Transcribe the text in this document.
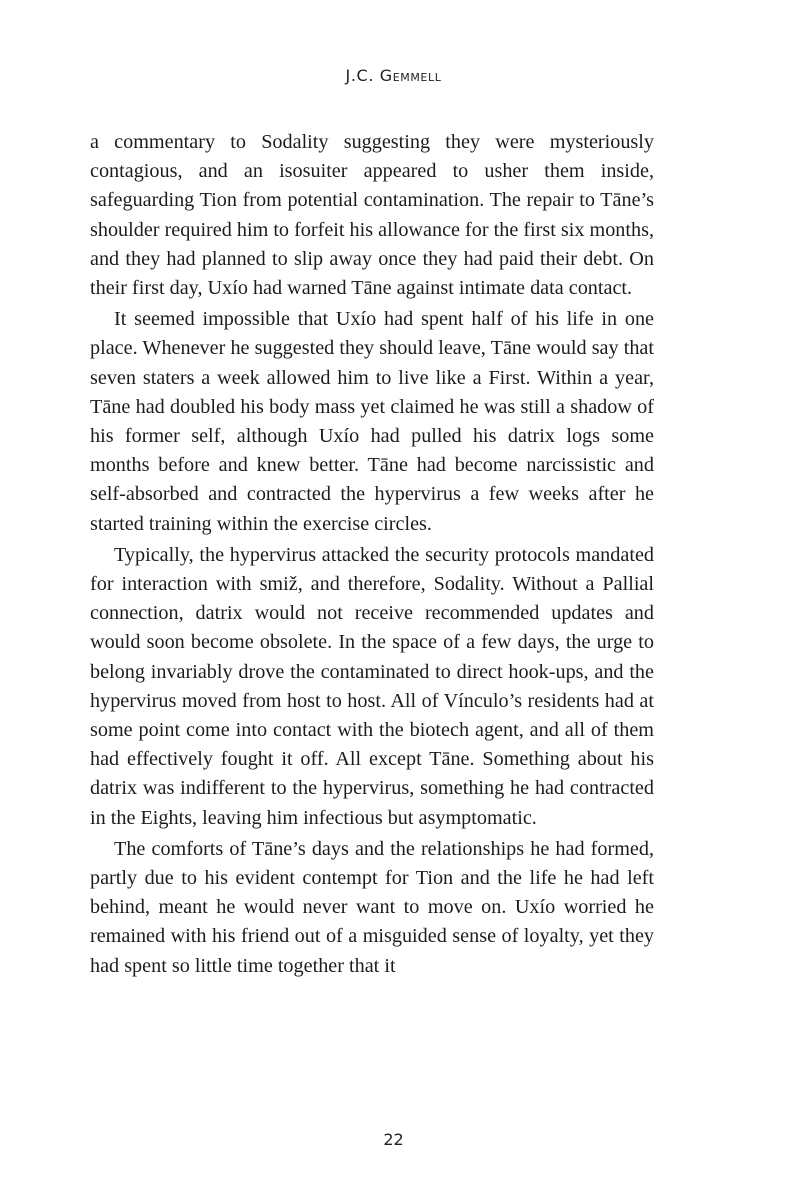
J.C. Gemmell

a commentary to Sodality suggesting they were mysteriously contagious, and an isosuiter appeared to usher them inside, safeguarding Tion from potential contamination. The repair to Tāne’s shoulder required him to forfeit his allowance for the first six months, and they had planned to slip away once they had paid their debt. On their first day, Uxío had warned Tāne against intimate data contact.

It seemed impossible that Uxío had spent half of his life in one place. Whenever he suggested they should leave, Tāne would say that seven staters a week allowed him to live like a First. Within a year, Tāne had doubled his body mass yet claimed he was still a shadow of his former self, although Uxío had pulled his datrix logs some months before and knew better. Tāne had become narcissistic and self-absorbed and contracted the hypervirus a few weeks after he started training within the exercise circles.

Typically, the hypervirus attacked the security protocols mandated for interaction with smiž, and therefore, Sodality. Without a Pallial connection, datrix would not receive recommended updates and would soon become obsolete. In the space of a few days, the urge to belong invariably drove the contaminated to direct hook-ups, and the hypervirus moved from host to host. All of Vínculo’s residents had at some point come into contact with the biotech agent, and all of them had effectively fought it off. All except Tāne. Something about his datrix was indifferent to the hypervirus, something he had contracted in the Eights, leaving him infectious but asymptomatic.

The comforts of Tāne’s days and the relationships he had formed, partly due to his evident contempt for Tion and the life he had left behind, meant he would never want to move on. Uxío worried he remained with his friend out of a misguided sense of loyalty, yet they had spent so little time together that it

22
